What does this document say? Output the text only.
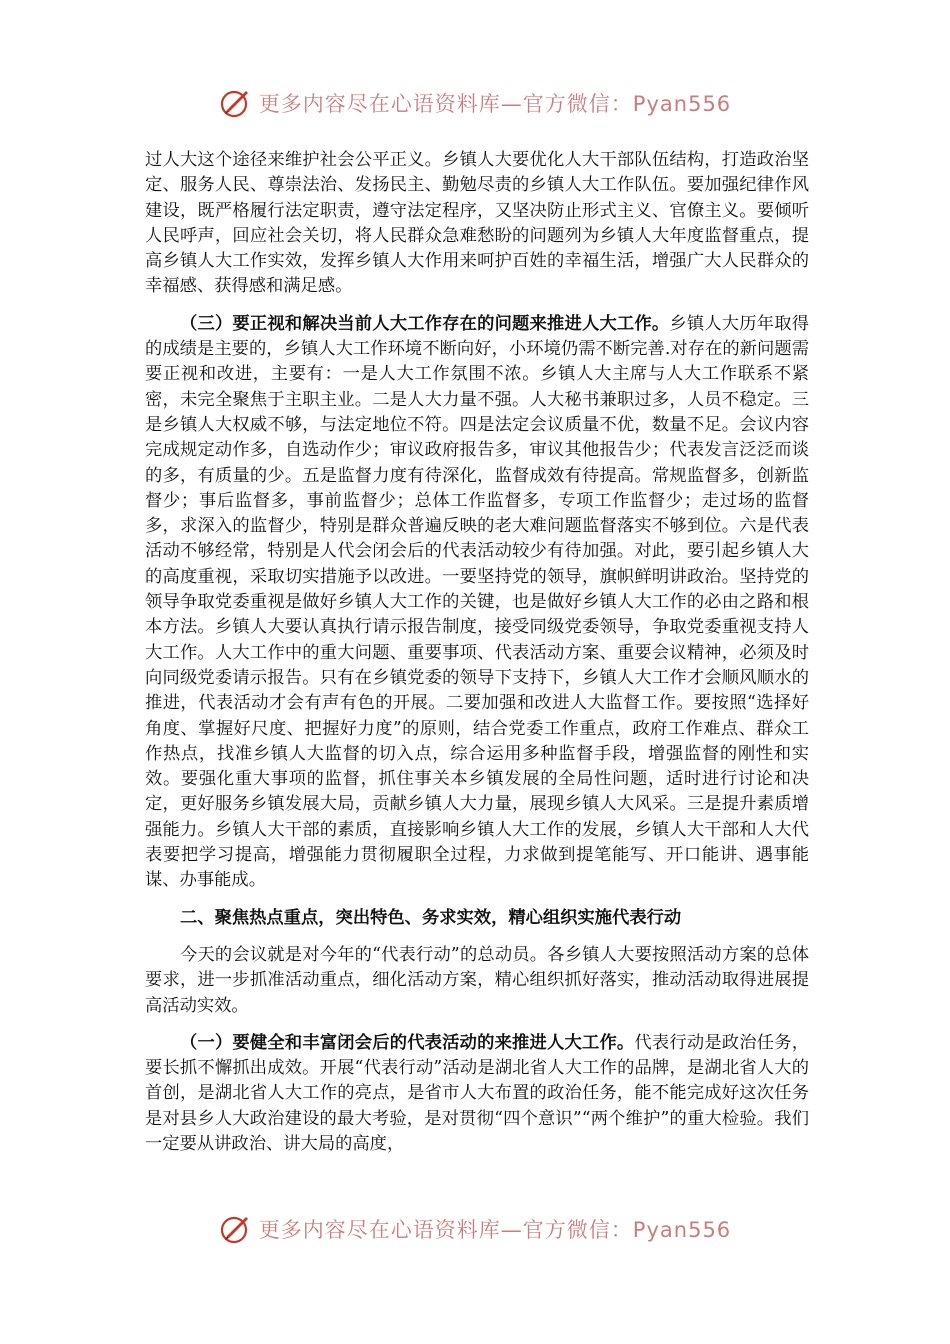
更多内容尽在心语资料库—官方微信：Pyan556

过人大这个途径来维护社会公平正义。乡镇人大要优化人大干部队伍结构，打造政治坚定、服务人民、尊崇法治、发扬民主、勤勉尽责的乡镇人大工作队伍。要加强纪律作风建设，既严格履行法定职责，遵守法定程序，又坚决防止形式主义、官僚主义。要倾听人民呼声，回应社会关切，将人民群众急难愁盼的问题列为乡镇人大年度监督重点，提高乡镇人大工作实效，发挥乡镇人大作用来呵护百姓的幸福生活，增强广大人民群众的幸福感、获得感和满足感。

（三）要正视和解决当前人大工作存在的问题来推进人大工作。乡镇人大历年取得的成绩是主要的，乡镇人大工作环境不断向好，小环境仍需不断完善.对存在的新问题需要正视和改进，主要有：一是人大工作氛围不浓。乡镇人大主席与人大工作联系不紧密，未完全聚焦于主职主业。二是人大力量不强。人大秘书兼职过多，人员不稳定。三是乡镇人大权威不够，与法定地位不符。四是法定会议质量不优，数量不足。会议内容完成规定动作多，自选动作少；审议政府报告多，审议其他报告少；代表发言泛泛而谈的多，有质量的少。五是监督力度有待深化，监督成效有待提高。常规监督多，创新监督少；事后监督多，事前监督少；总体工作监督多，专项工作监督少；走过场的监督多，求深入的监督少，特别是群众普遍反映的老大难问题监督落实不够到位。六是代表活动不够经常，特别是人代会闭会后的代表活动较少有待加强。对此，要引起乡镇人大的高度重视，采取切实措施予以改进。一要坚持党的领导，旗帜鲜明讲政治。坚持党的领导争取党委重视是做好乡镇人大工作的关键，也是做好乡镇人大工作的必由之路和根本方法。乡镇人大要认真执行请示报告制度，接受同级党委领导，争取党委重视支持人大工作。人大工作中的重大问题、重要事项、代表活动方案、重要会议精神，必须及时向同级党委请示报告。只有在乡镇党委的领导下支持下，乡镇人大工作才会顺风顺水的推进，代表活动才会有声有色的开展。二要加强和改进人大监督工作。要按照“选择好角度、掌握好尺度、把握好力度”的原则，结合党委工作重点，政府工作难点、群众工作热点，找准乡镇人大监督的切入点，综合运用多种监督手段，增强监督的刚性和实效。要强化重大事项的监督，抓住事关本乡镇发展的全局性问题，适时进行讨论和决定，更好服务乡镇发展大局，贡献乡镇人大力量，展现乡镇人大风采。三是提升素质增强能力。乡镇人大干部的素质，直接影响乡镇人大工作的发展，乡镇人大干部和人大代表要把学习提高，增强能力贯彻履职全过程，力求做到提笔能写、开口能讲、遇事能谋、办事能成。

二、聚焦热点重点，突出特色、务求实效，精心组织实施代表行动

今天的会议就是对今年的“代表行动”的总动员。各乡镇人大要按照活动方案的总体要求，进一步抓准活动重点，细化活动方案，精心组织抓好落实，推动活动取得进展提高活动实效。

（一）要健全和丰富闭会后的代表活动的来推进人大工作。代表行动是政治任务，要长抓不懈抓出成效。开展“代表行动”活动是湖北省人大工作的品牌，是湖北省人大的首创，是湖北省人大工作的亮点，是省市人大布置的政治任务，能不能完成好这次任务是对县乡人大政治建设的最大考验，是对贯彻“四个意识”“两个维护”的重大检验。我们一定要从讲政治、讲大局的高度，

更多内容尽在心语资料库—官方微信：Pyan556
